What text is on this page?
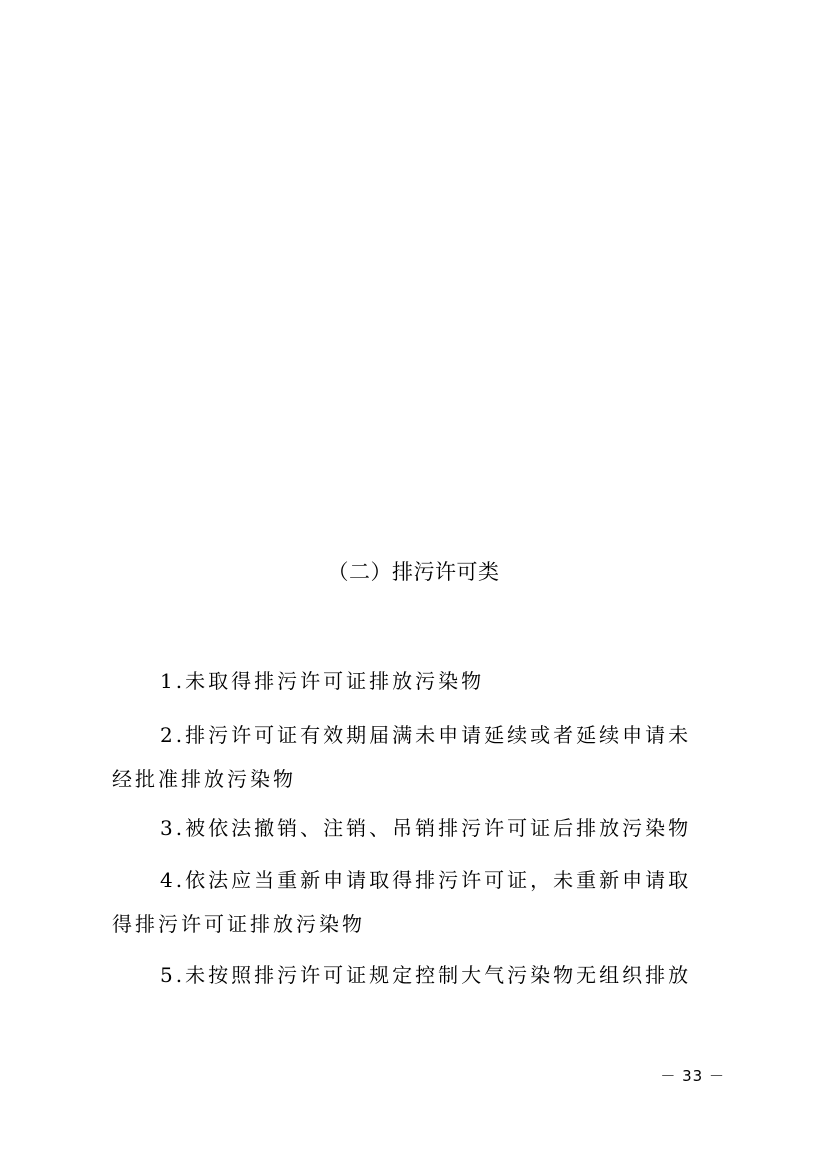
（二）排污许可类

1.未取得排污许可证排放污染物

2.排污许可证有效期届满未申请延续或者延续申请未经批准排放污染物

3.被依法撤销、注销、吊销排污许可证后排放污染物

4.依法应当重新申请取得排污许可证，未重新申请取得排污许可证排放污染物

5.未按照排污许可证规定控制大气污染物无组织排放

－ 33 －
